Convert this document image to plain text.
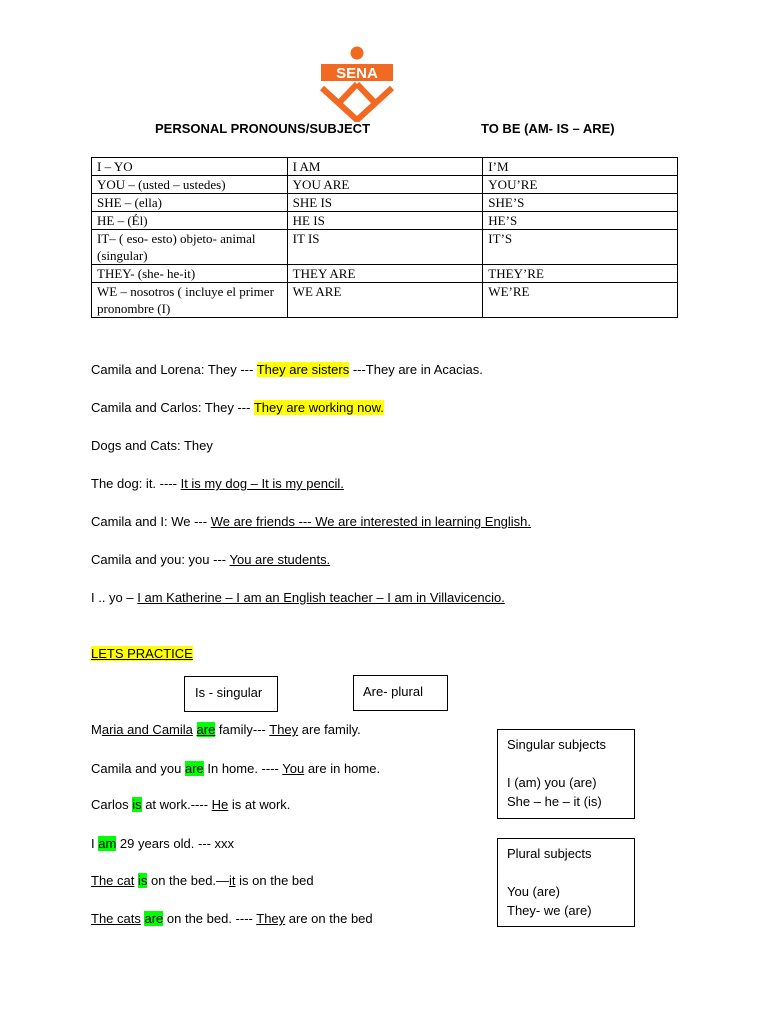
SENA
PERSONAL PRONOUNS/SUBJECT	TO BE (AM- IS – ARE)
I – YO	I AM	I’M
YOU – (usted – ustedes)	YOU ARE	YOU’RE
SHE – (ella)	SHE IS	SHE’S
HE – (Él)	HE IS	HE’S
IT– ( eso- esto) objeto- animal (singular)	IT IS	IT’S
THEY- (she- he-it)	THEY ARE	THEY’RE
WE – nosotros ( incluye el primer pronombre (I)	WE ARE	WE’RE
Camila and Lorena: They --- They are sisters ---They are in Acacias.
Camila and Carlos: They --- They are working now.
Dogs and Cats: They
The dog: it. ---- It is my dog – It is my pencil.
Camila and I: We --- We are friends --- We are interested in learning English.
Camila and you: you --- You are students.
I .. yo – I am Katherine – I am an English teacher – I am in Villavicencio.
LETS PRACTICE
Is - singular	Are- plural
Maria and Camila are family--- They are family.
Camila and you are In home. ---- You are in home.
Carlos is at work.---- He is at work.
I am 29 years old. --- xxx
The cat is on the bed.—it is on the bed
The cats are on the bed. ---- They are on the bed
Singular subjects
I (am) you (are)
She – he – it (is)
Plural subjects
You (are)
They- we (are)
